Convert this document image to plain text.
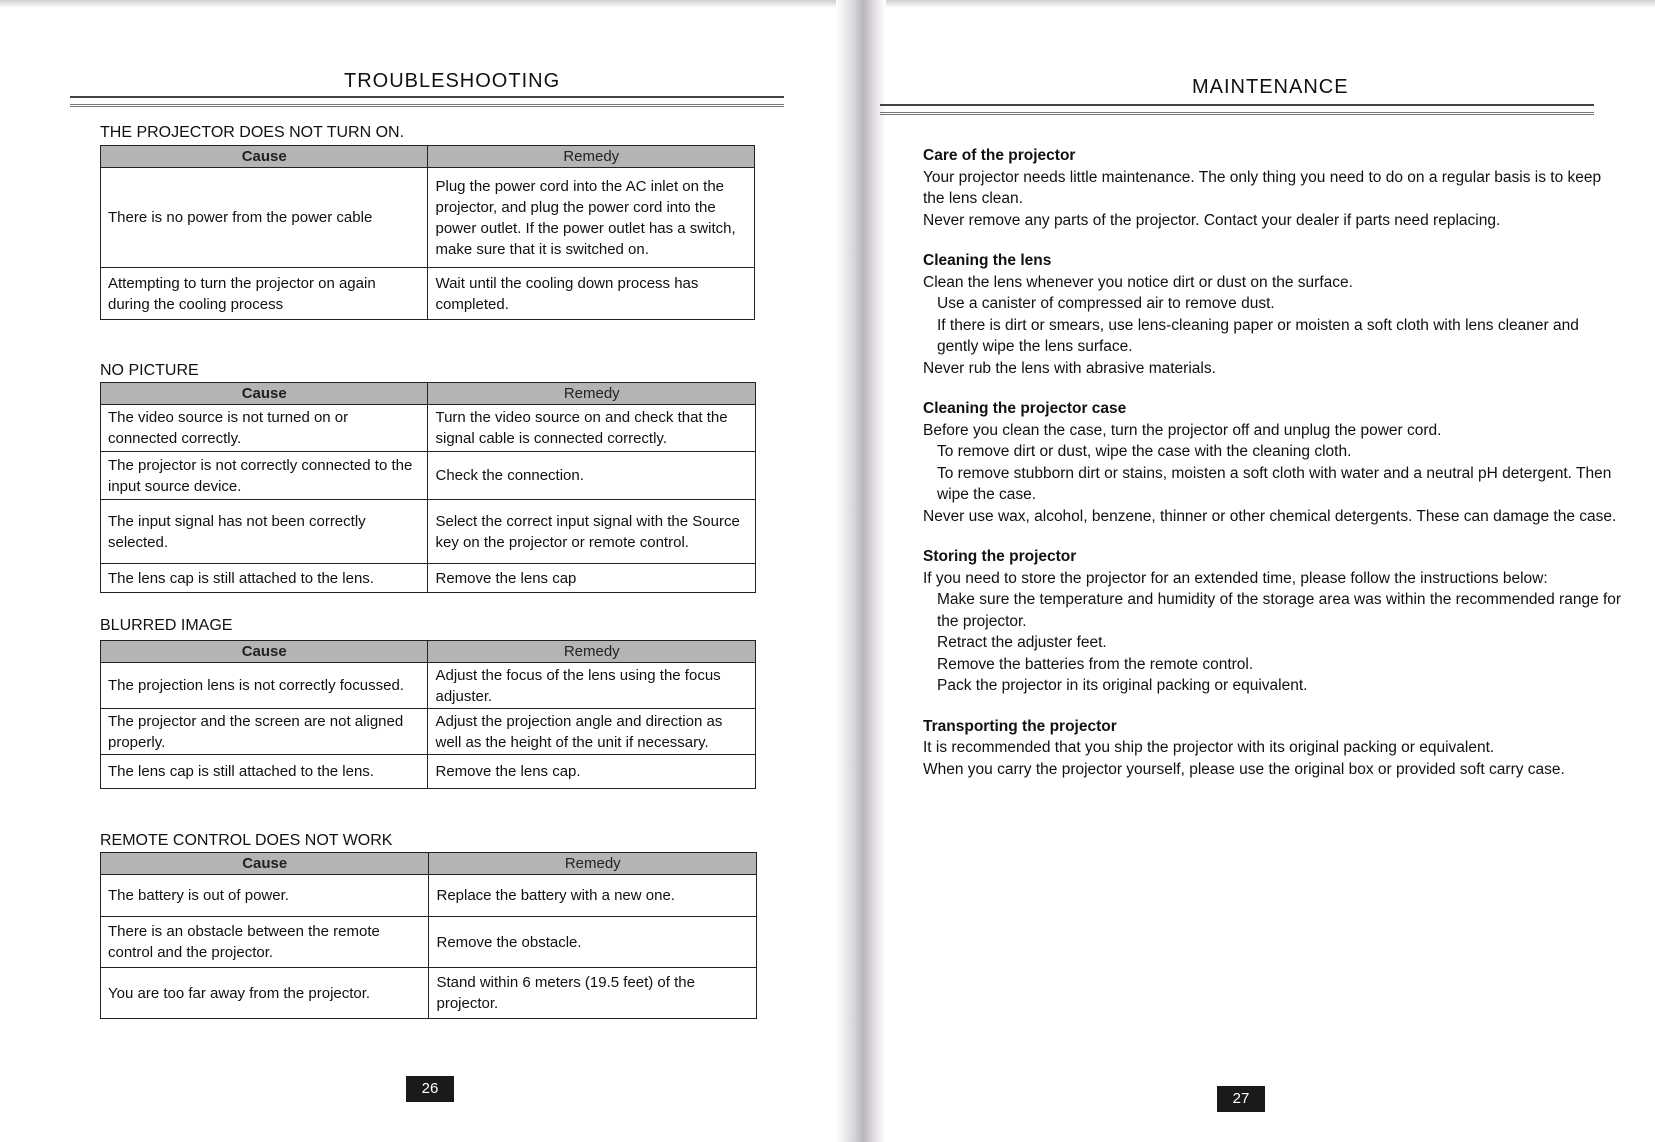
TROUBLESHOOTING
THE PROJECTOR DOES NOT TURN ON.
Cause	Remedy
There is no power from the power cable	Plug the power cord into the AC inlet on the projector, and plug the power cord into the power outlet. If the power outlet has a switch, make sure that it is switched on.
Attempting to turn the projector on again during the cooling process	Wait until the cooling down process has completed.
NO PICTURE
Cause	Remedy
The video source is not turned on or connected correctly.	Turn the video source on and check that the signal cable is connected correctly.
The projector is not correctly connected to the input source device.	Check the connection.
The input signal has not been correctly selected.	Select the correct input signal with the Source key on the projector or remote control.
The lens cap is still attached to the lens.	Remove the lens cap
BLURRED IMAGE
Cause	Remedy
The projection lens is not correctly focussed.	Adjust the focus of the lens using the focus adjuster.
The projector and the screen are not aligned properly.	Adjust the projection angle and direction as well as the height of the unit if necessary.
The lens cap is still attached to the lens.	Remove the lens cap.
REMOTE CONTROL DOES NOT WORK
Cause	Remedy
The battery is out of power.	Replace the battery with a new one.
There is an obstacle between the remote control and the projector.	Remove the obstacle.
You are too far away from the projector.	Stand within 6 meters (19.5 feet) of the projector.
26
MAINTENANCE
Care of the projector

Your projector needs little maintenance. The only thing you need to do on a regular basis is to keep the lens clean.

Never remove any parts of the projector. Contact your dealer if parts need replacing.

Cleaning the lens

Clean the lens whenever you notice dirt or dust on the surface.

Use a canister of compressed air to remove dust.

If there is dirt or smears, use lens-cleaning paper or moisten a soft cloth with lens cleaner and gently wipe the lens surface.

Never rub the lens with abrasive materials.

Cleaning the projector case

Before you clean the case, turn the projector off and unplug the power cord.

To remove dirt or dust, wipe the case with the cleaning cloth.

To remove stubborn dirt or stains, moisten a soft cloth with water and a neutral pH detergent. Then wipe the case.

Never use wax, alcohol, benzene, thinner or other chemical detergents. These can damage the case.

Storing the projector

If you need to store the projector for an extended time, please follow the instructions below:

Make sure the temperature and humidity of the storage area was within the recommended range for the projector.

Retract the adjuster feet.

Remove the batteries from the remote control.

Pack the projector in its original packing or equivalent.

Transporting the projector

It is recommended that you ship the projector with its original packing or equivalent.

When you carry the projector yourself, please use the original box or provided soft carry case.

27
